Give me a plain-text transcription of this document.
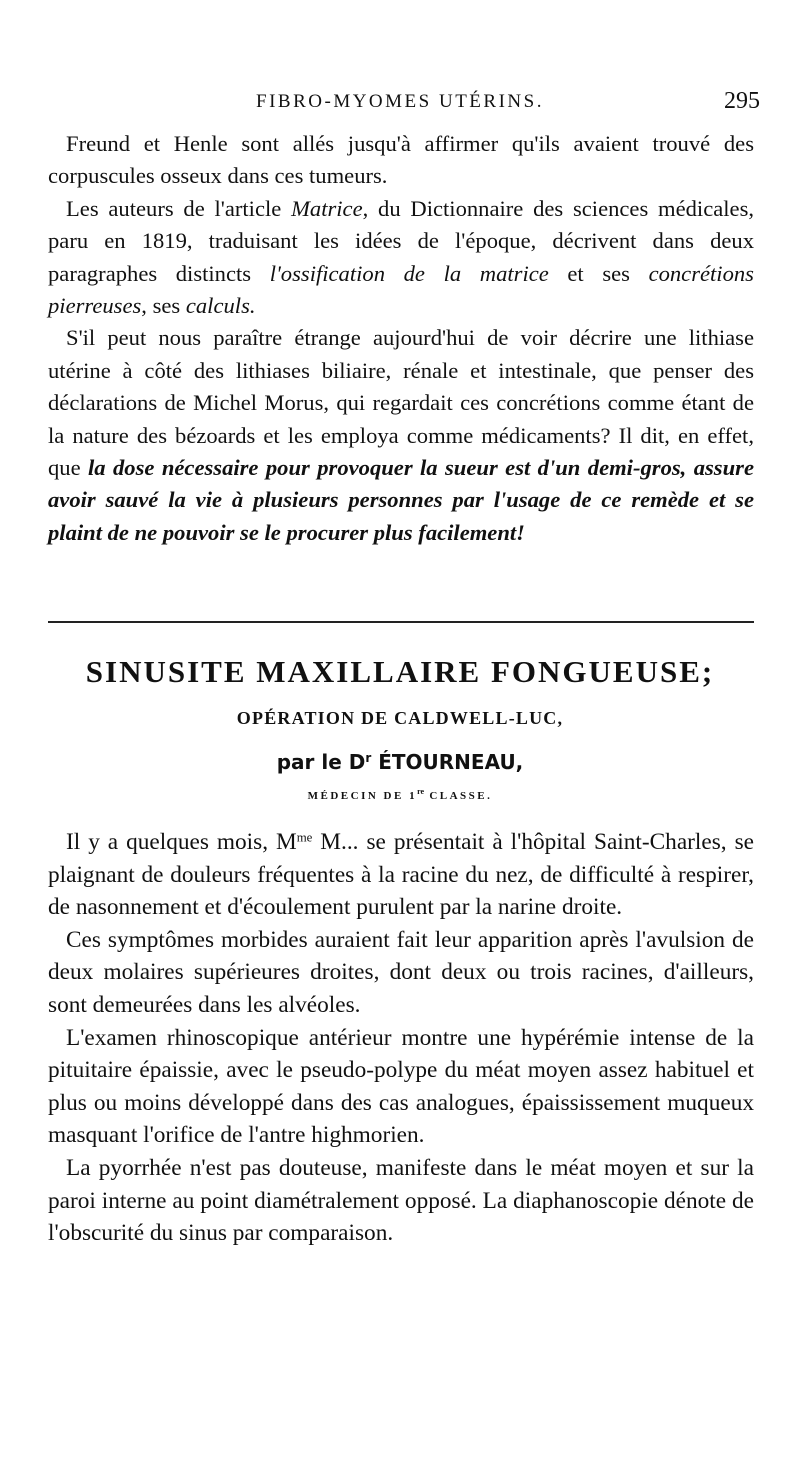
FIBRO-MYOMES UTÉRINS.	295

Freund et Henle sont allés jusqu'à affirmer qu'ils avaient trouvé des corpuscules osseux dans ces tumeurs.

Les auteurs de l'article Matrice, du Dictionnaire des sciences médicales, paru en 1819, traduisant les idées de l'époque, décrivent dans deux paragraphes distincts l'ossification de la matrice et ses concrétions pierreuses, ses calculs.

S'il peut nous paraître étrange aujourd'hui de voir décrire une lithiase utérine à côté des lithiases biliaire, rénale et intestinale, que penser des déclarations de Michel Morus, qui regardait ces concrétions comme étant de la nature des bézoards et les employa comme médicaments? Il dit, en effet, que la dose nécessaire pour provoquer la sueur est d'un demi-gros, assure avoir sauvé la vie à plusieurs personnes par l'usage de ce remède et se plaint de ne pouvoir se le procurer plus facilement!

SINUSITE MAXILLAIRE FONGUEUSE;
OPÉRATION DE CALDWELL-LUC,
par le $D^r$ ÉTOURNEAU,
MÉDECIN DE 1re CLASSE.

Il y a quelques mois, $M^{me}$ M... se présentait à l'hôpital Saint-Charles, se plaignant de douleurs fréquentes à la racine du nez, de difficulté à respirer, de nasonnement et d'écoulement purulent par la narine droite.

Ces symptômes morbides auraient fait leur apparition après l'avulsion de deux molaires supérieures droites, dont deux ou trois racines, d'ailleurs, sont demeurées dans les alvéoles.

L'examen rhinoscopique antérieur montre une hypérémie intense de la pituitaire épaissie, avec le pseudo-polype du méat moyen assez habituel et plus ou moins développé dans des cas analogues, épaississement muqueux masquant l'orifice de l'antre highmorien.

La pyorrhée n'est pas douteuse, manifeste dans le méat moyen et sur la paroi interne au point diamétralement opposé. La diaphanoscopie dénote de l'obscurité du sinus par comparaison.
